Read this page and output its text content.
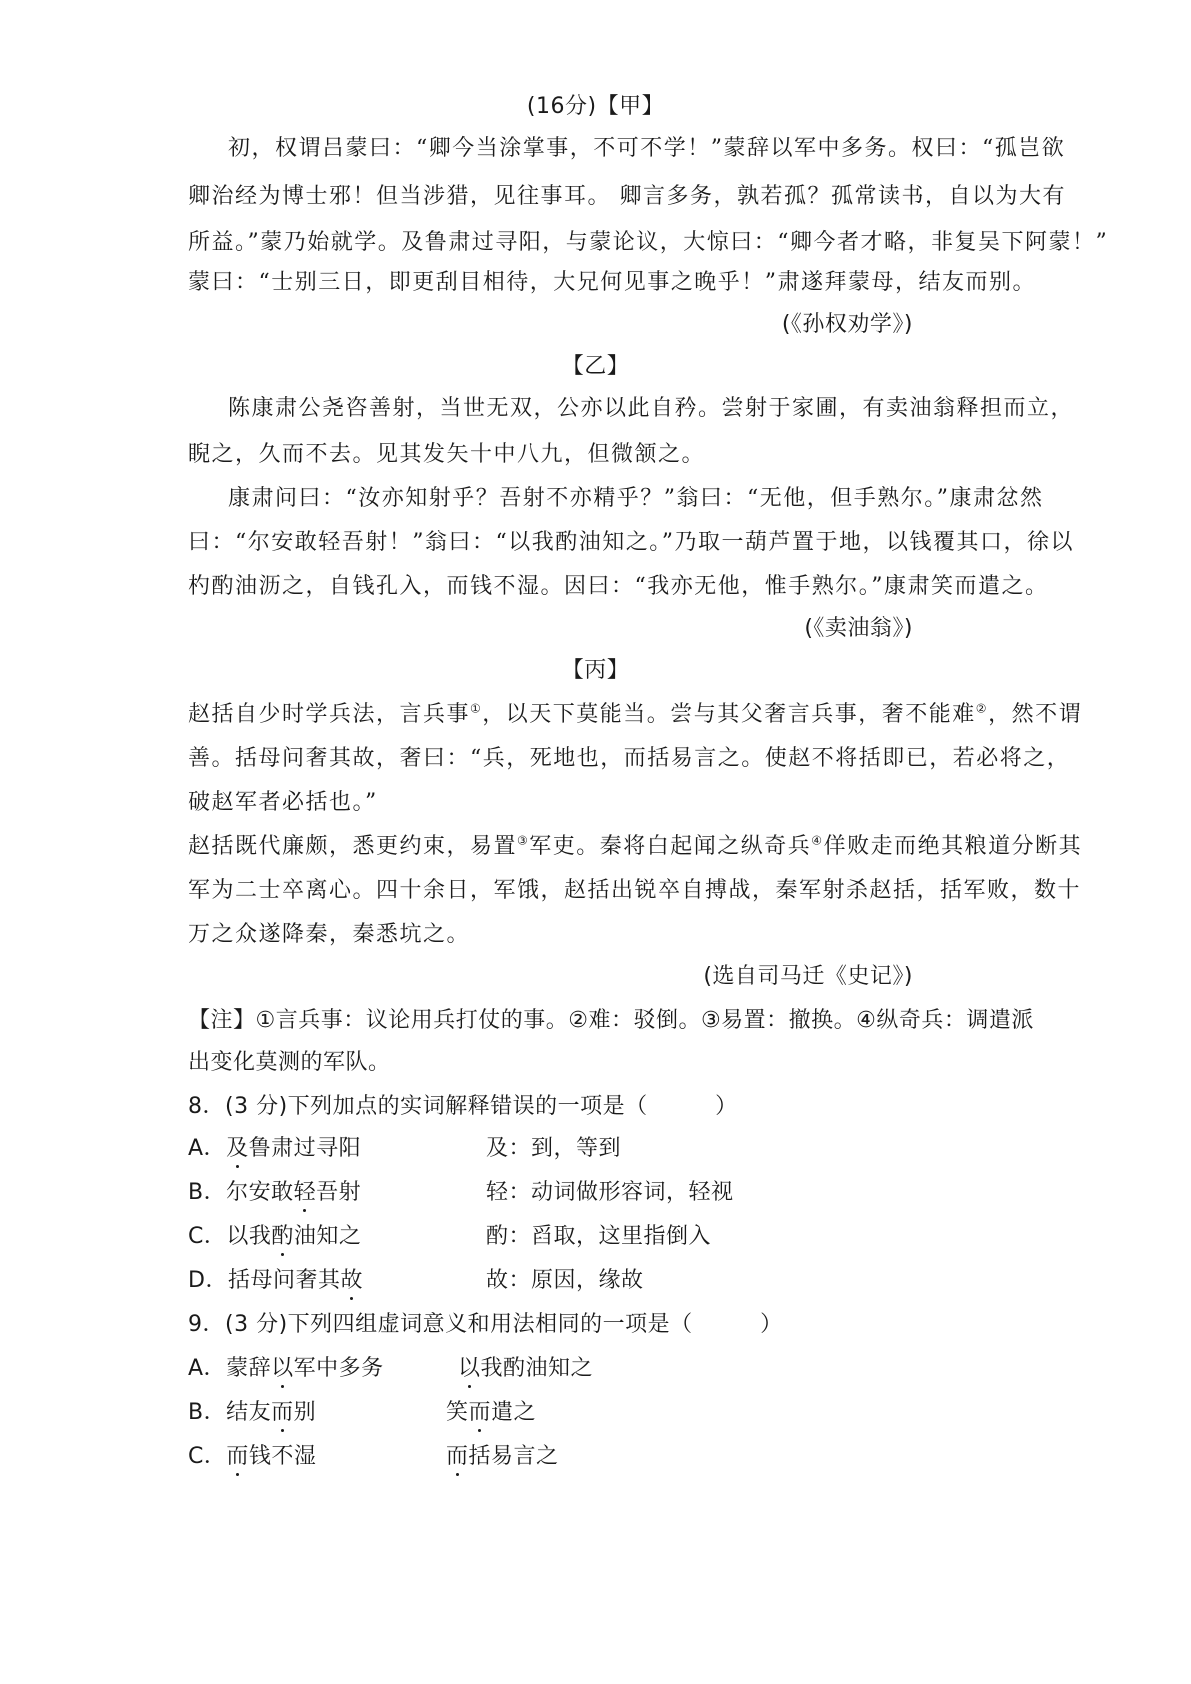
(16分)【甲】
初，权谓吕蒙曰：“卿今当涂掌事，不可不学！”蒙辞以军中多务。权曰：“孤岂欲
卿治经为博士邪！但当涉猎，见往事耳。 卿言多务，孰若孤？孤常读书，自以为大有
所益。”蒙乃始就学。及鲁肃过寻阳，与蒙论议，大惊曰：“卿今者才略，非复吴下阿蒙！”
蒙曰：“士别三日，即更刮目相待，大兄何见事之晚乎！”肃遂拜蒙母，结友而别。
(《孙权劝学》)
【乙】
陈康肃公尧咨善射，当世无双，公亦以此自矜。尝射于家圃，有卖油翁释担而立，
睨之，久而不去。见其发矢十中八九，但微颔之。
康肃问曰：“汝亦知射乎？吾射不亦精乎？”翁曰：“无他，但手熟尔。”康肃忿然
曰：“尔安敢轻吾射！”翁曰：“以我酌油知之。”乃取一葫芦置于地，以钱覆其口，徐以
杓酌油沥之，自钱孔入，而钱不湿。因曰：“我亦无他，惟手熟尔。”康肃笑而遣之。
(《卖油翁》)
【丙】
赵括自少时学兵法，言兵事①，以天下莫能当。尝与其父奢言兵事，奢不能难②，然不谓
善。括母问奢其故，奢曰：“兵，死地也，而括易言之。使赵不将括即已，若必将之，
破赵军者必括也。”
赵括既代廉颇，悉更约束，易置③军吏。秦将白起闻之纵奇兵④佯败走而绝其粮道分断其
军为二士卒离心。四十余日，军饿，赵括出锐卒自搏战，秦军射杀赵括，括军败，数十
万之众遂降秦，秦悉坑之。
(选自司马迁《史记》)
【注】①言兵事：议论用兵打仗的事。②难：驳倒。③易置：撤换。④纵奇兵：调遣派
出变化莫测的军队。
8．(3 分)下列加点的实词解释错误的一项是（　　　）
A．及鲁肃过寻阳	及：到，等到
B．尔安敢轻吾射	轻：动词做形容词，轻视
C．以我酌油知之	酌：舀取，这里指倒入
D．括母问奢其故	故：原因，缘故
9．(3 分)下列四组虚词意义和用法相同的一项是（　　　）
A．蒙辞以军中多务	以我酌油知之
B．结友而别	笑而遣之
C．而钱不湿	而括易言之
